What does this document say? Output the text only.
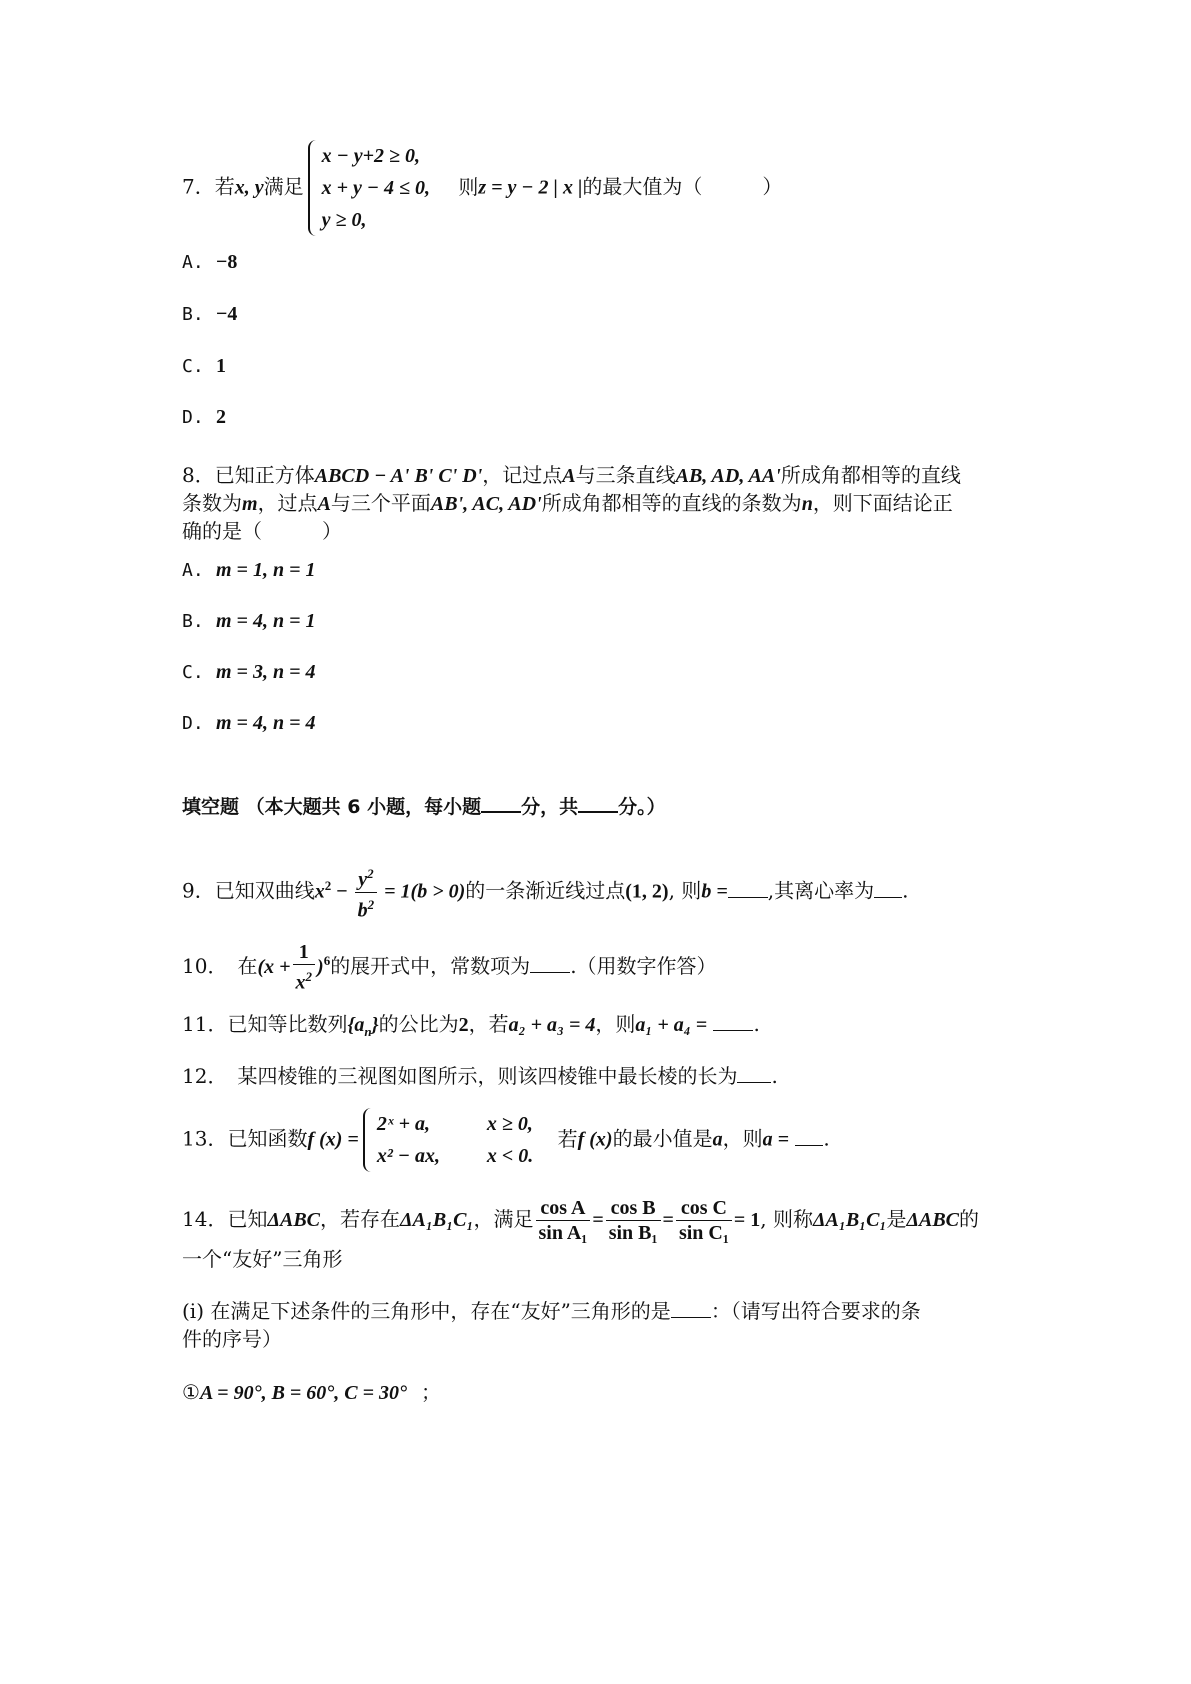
7．若x, y满足
x − y+2 ≥ 0,
x + y − 4 ≤ 0,
y ≥ 0,
则z = y − 2 | x |的最大值为（　　　）
A. −8
B. −4
C. 1
D. 2
8．已知正方体ABCD − A' B' C' D'，记过点A与三条直线AB, AD, AA'所成角都相等的直线
条数为m，过点A与三个平面AB', AC, AD'所成角都相等的直线的条数为n，则下面结论正
确的是（　　　）
A. m = 1, n = 1
B. m = 4, n = 1
C. m = 3, n = 4
D. m = 4, n = 4
填空题 （本大题共 6 小题，每小题 分，共 分。）
9．已知双曲线$x^2 - \frac{y^2}{b^2} = 1(b > 0)$的一条渐近线过点(1, 2), 则b = ,其离心率为 .
10．　在$(x + \frac{1}{x^2} )^6$的展开式中，常数项为 .（用数字作答）
11．已知等比数列$\{a_n\}$的公比为2，若a₂ + a₃ = 4，则a₁ + a₄ = .
12．　某四棱锥的三视图如图所示，则该四棱锥中最长棱的长为 .
13．已知函数f (x) =
2ˣ + a,	x ≥ 0,
x² − ax, x < 0.
若f (x)的最小值是a，则a = .
14．已知ΔABC，若存在ΔA₁B₁C₁，满足 $\frac{\text{cos A}}{\text{sin A₁}} = \frac{\text{cos B}}{\text{sin B₁}} = \frac{\text{cos C}}{\text{sin C₁}} = 1$, 则称ΔA₁B₁C₁是ΔABC的
一个“友好”三角形
(i) 在满足下述条件的三角形中，存在“友好”三角形的是 ：（请写出符合要求的条
件的序号）
①A = 90°, B = 60°, C = 30° ；
